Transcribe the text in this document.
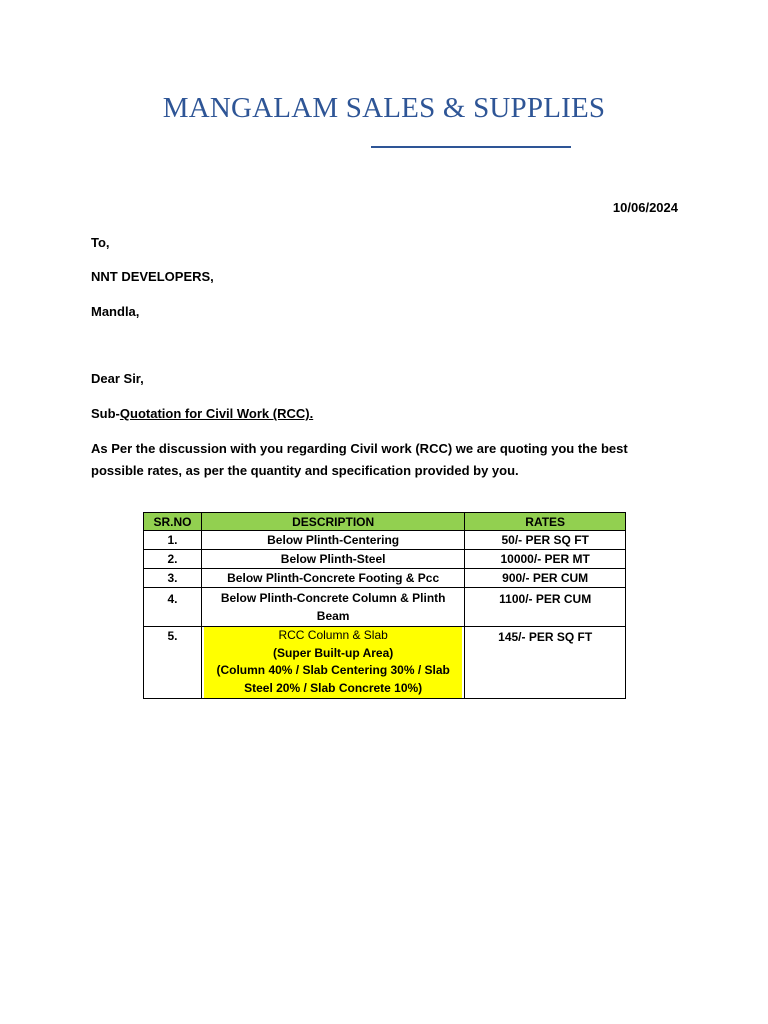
MANGALAM SALES & SUPPLIES
10/06/2024
To,
NNT DEVELOPERS,
Mandla,
Dear Sir,
Sub-Quotation for Civil Work (RCC).
As Per the discussion with you regarding Civil work (RCC) we are quoting you the best possible rates, as per the quantity and specification provided by you.
SR.NO	DESCRIPTION	RATES
1.	Below Plinth-Centering	50/- PER SQ FT
2.	Below Plinth-Steel	10000/- PER MT
3.	Below Plinth-Concrete Footing & Pcc	900/- PER CUM
4.	Below Plinth-Concrete Column & Plinth Beam	1100/- PER CUM
5.	RCC Column & Slab
(Super Built-up Area)
(Column 40% / Slab Centering 30% / Slab Steel 20% / Slab Concrete 10%)	145/- PER SQ FT
